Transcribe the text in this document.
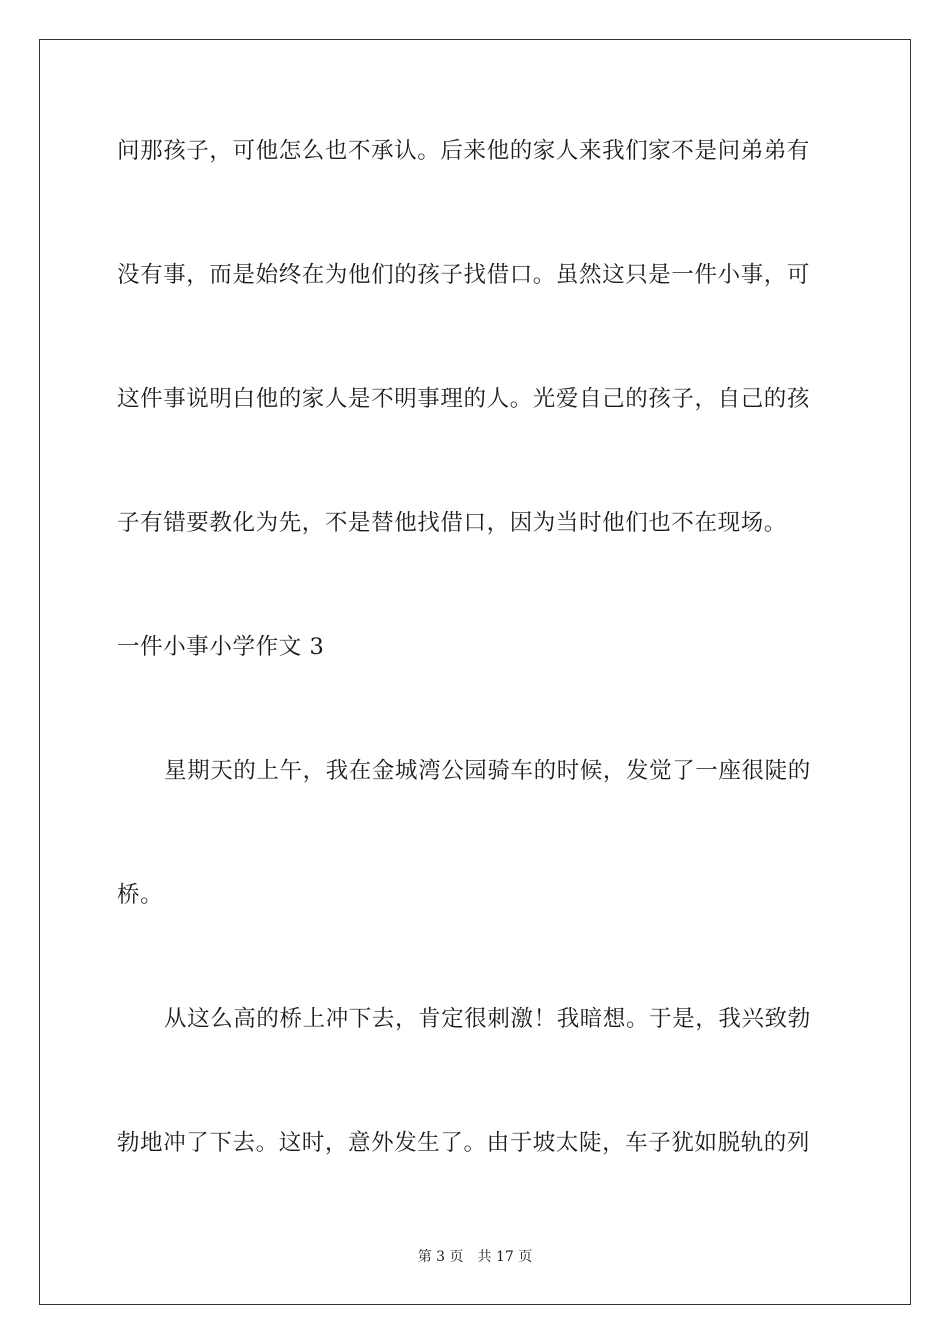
问那孩子，可他怎么也不承认。后来他的家人来我们家不是问弟弟有
没有事，而是始终在为他们的孩子找借口。虽然这只是一件小事，可
这件事说明白他的家人是不明事理的人。光爱自己的孩子，自己的孩
子有错要教化为先，不是替他找借口，因为当时他们也不在现场。
一件小事小学作文 3
星期天的上午，我在金城湾公园骑车的时候，发觉了一座很陡的
桥。
从这么高的桥上冲下去，肯定很刺激！我暗想。于是，我兴致勃
勃地冲了下去。这时，意外发生了。由于坡太陡，车子犹如脱轨的列
第 3 页 共 17 页
